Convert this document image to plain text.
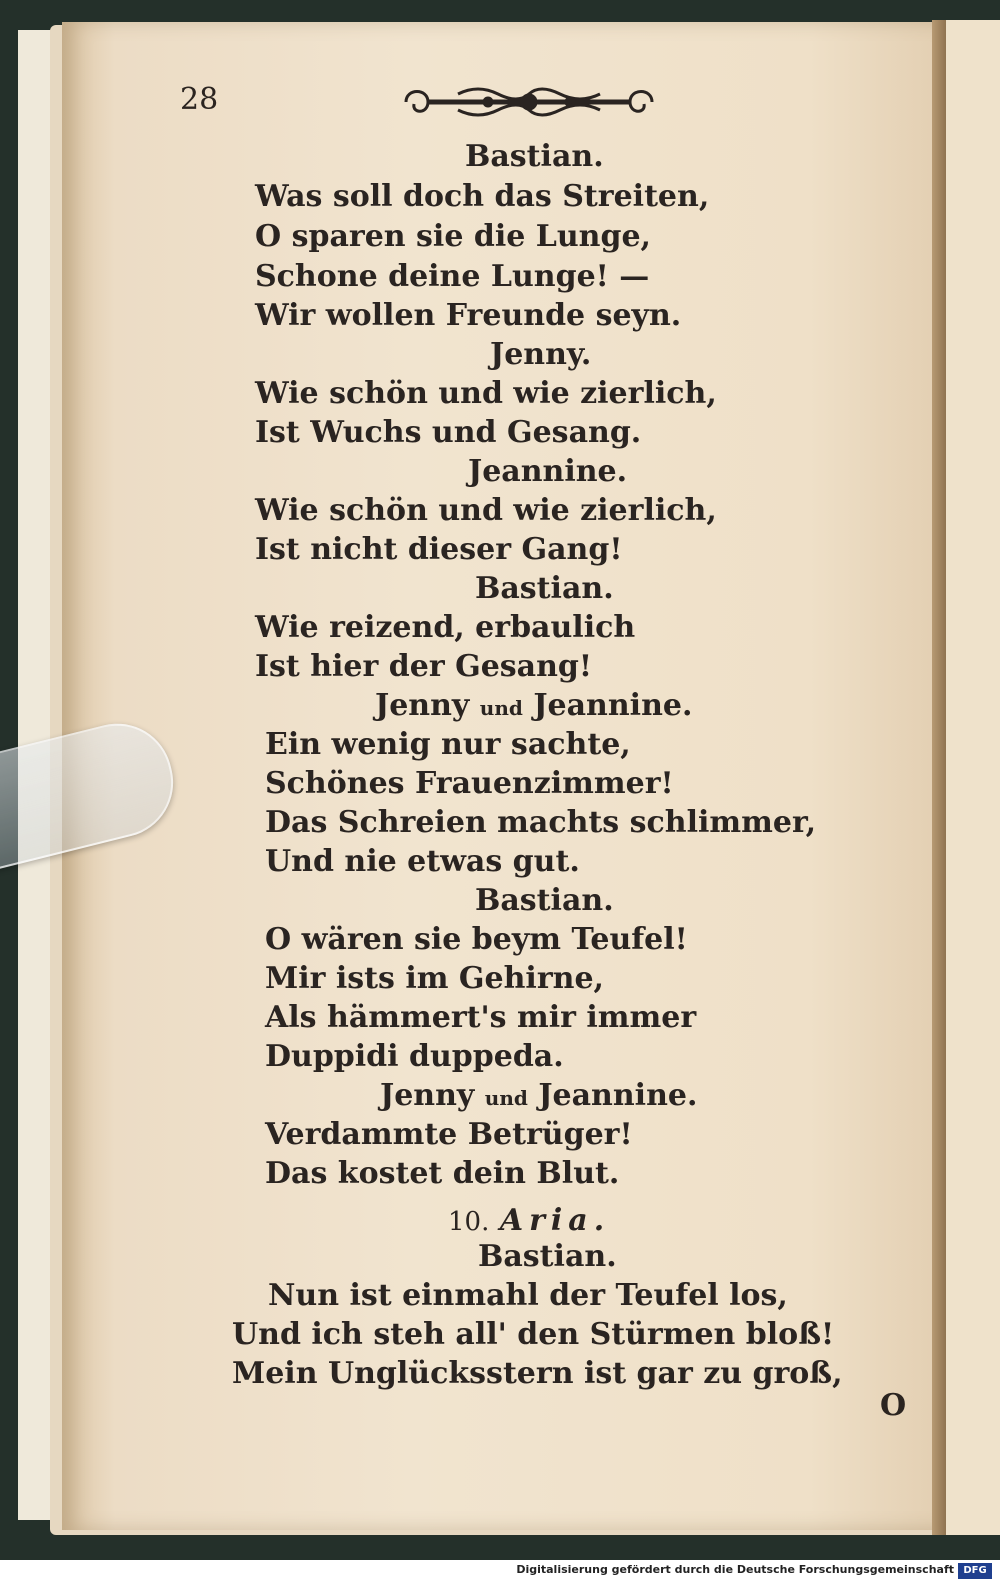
28
Bastian.
Was soll doch das Streiten,
O sparen sie die Lunge,
Schone deine Lunge! —
Wir wollen Freunde seyn.
Jenny.
Wie schön und wie zierlich,
Ist Wuchs und Gesang.
Jeannine.
Wie schön und wie zierlich,
Ist nicht dieser Gang!
Bastian.
Wie reizend, erbaulich
Ist hier der Gesang!
Jenny und Jeannine.
Ein wenig nur sachte,
Schönes Frauenzimmer!
Das Schreien machts schlimmer,
Und nie etwas gut.
Bastian.
O wären sie beym Teufel!
Mir ists im Gehirne,
Als hämmert's mir immer
Duppidi duppeda.
Jenny und Jeannine.
Verdammte Betrüger!
Das kostet dein Blut.
10. Aria.
Bastian.
Nun ist einmahl der Teufel los,
Und ich steh all' den Stürmen bloß!
Mein Unglücksstern ist gar zu groß,
O
Digitalisierung gefördert durch die Deutsche Forschungsgemeinschaft DFG
